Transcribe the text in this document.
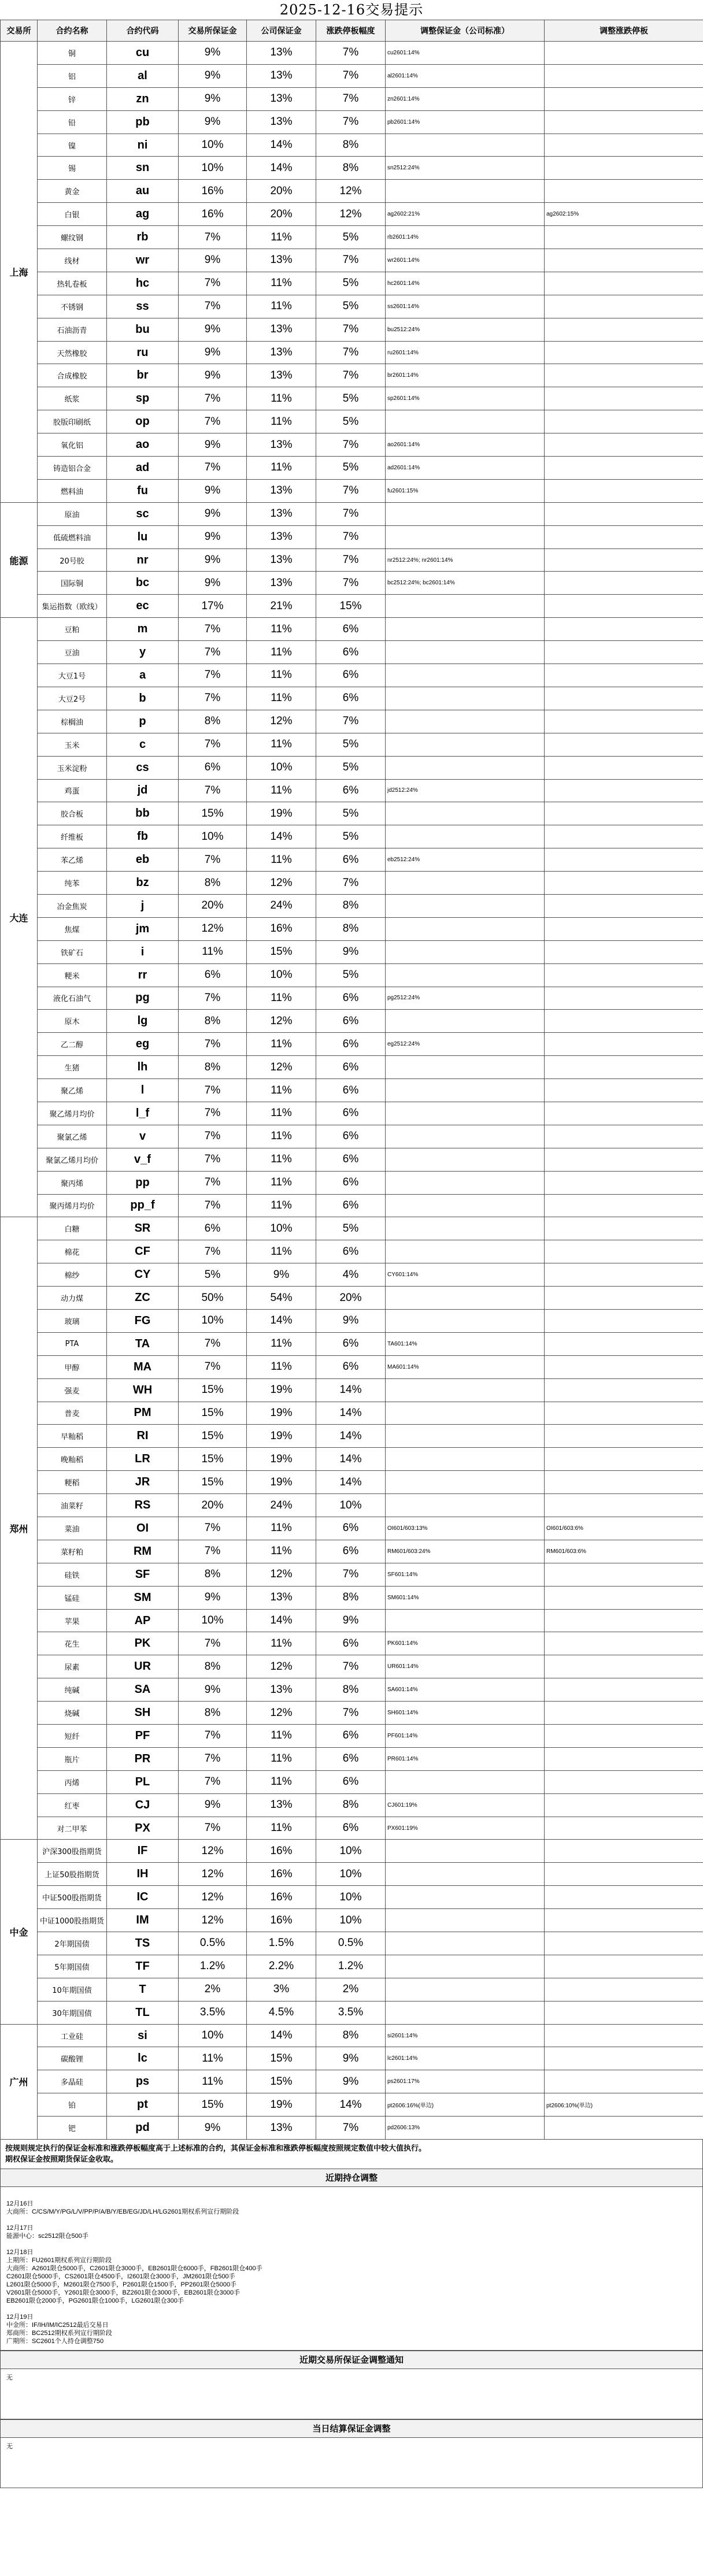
2025-12-16交易提示
交易所	合约名称	合约代码	交易所保证金	公司保证金	涨跌停板幅度	调整保证金（公司标准）	调整涨跌停板
上海	铜	cu	9%	13%	7%	cu2601:14%	
	铝	al	9%	13%	7%	al2601:14%	
	锌	zn	9%	13%	7%	zn2601:14%	
	铅	pb	9%	13%	7%	pb2601:14%	
	镍	ni	10%	14%	8%		
	锡	sn	10%	14%	8%	sn2512:24%	
	黄金	au	16%	20%	12%		
	白银	ag	16%	20%	12%	ag2602:21%	ag2602:15%
	螺纹钢	rb	7%	11%	5%	rb2601:14%	
	线材	wr	9%	13%	7%	wr2601:14%	
	热轧卷板	hc	7%	11%	5%	hc2601:14%	
	不锈钢	ss	7%	11%	5%	ss2601:14%	
	石油沥青	bu	9%	13%	7%	bu2512:24%	
	天然橡胶	ru	9%	13%	7%	ru2601:14%	
	合成橡胶	br	9%	13%	7%	br2601:14%	
	纸浆	sp	7%	11%	5%	sp2601:14%	
	胶版印刷纸	op	7%	11%	5%		
	氧化铝	ao	9%	13%	7%	ao2601:14%	
	铸造铝合金	ad	7%	11%	5%	ad2601:14%	
	燃料油	fu	9%	13%	7%	fu2601:15%	
能源	原油	sc	9%	13%	7%		
	低硫燃料油	lu	9%	13%	7%		
	20号胶	nr	9%	13%	7%	nr2512:24%; nr2601:14%	
	国际铜	bc	9%	13%	7%	bc2512:24%; bc2601:14%	
	集运指数（欧线）	ec	17%	21%	15%		
大连	豆粕	m	7%	11%	6%		
	豆油	y	7%	11%	6%		
	大豆1号	a	7%	11%	6%		
	大豆2号	b	7%	11%	6%		
	棕榈油	p	8%	12%	7%		
	玉米	c	7%	11%	5%		
	玉米淀粉	cs	6%	10%	5%		
	鸡蛋	jd	7%	11%	6%	jd2512:24%	
	胶合板	bb	15%	19%	5%		
	纤维板	fb	10%	14%	5%		
	苯乙烯	eb	7%	11%	6%	eb2512:24%	
	纯苯	bz	8%	12%	7%		
	冶金焦炭	j	20%	24%	8%		
	焦煤	jm	12%	16%	8%		
	铁矿石	i	11%	15%	9%		
	粳米	rr	6%	10%	5%		
	液化石油气	pg	7%	11%	6%	pg2512:24%	
	原木	lg	8%	12%	6%		
	乙二醇	eg	7%	11%	6%	eg2512:24%	
	生猪	lh	8%	12%	6%		
	聚乙烯	l	7%	11%	6%		
	聚乙烯月均价	l_f	7%	11%	6%		
	聚氯乙烯	v	7%	11%	6%		
	聚氯乙烯月均价	v_f	7%	11%	6%		
	聚丙烯	pp	7%	11%	6%		
	聚丙烯月均价	pp_f	7%	11%	6%		
郑州	白糖	SR	6%	10%	5%		
	棉花	CF	7%	11%	6%		
	棉纱	CY	5%	9%	4%	CY601:14%	
	动力煤	ZC	50%	54%	20%		
	玻璃	FG	10%	14%	9%		
	PTA	TA	7%	11%	6%	TA601:14%	
	甲醇	MA	7%	11%	6%	MA601:14%	
	强麦	WH	15%	19%	14%		
	普麦	PM	15%	19%	14%		
	早籼稻	RI	15%	19%	14%		
	晚籼稻	LR	15%	19%	14%		
	粳稻	JR	15%	19%	14%		
	油菜籽	RS	20%	24%	10%		
	菜油	OI	7%	11%	6%	OI601/603:13%	OI601/603:6%
	菜籽粕	RM	7%	11%	6%	RM601/603:24%	RM601/603:6%
	硅铁	SF	8%	12%	7%	SF601:14%	
	锰硅	SM	9%	13%	8%	SM601:14%	
	苹果	AP	10%	14%	9%		
	花生	PK	7%	11%	6%	PK601:14%	
	尿素	UR	8%	12%	7%	UR601:14%	
	纯碱	SA	9%	13%	8%	SA601:14%	
	烧碱	SH	8%	12%	7%	SH601:14%	
	短纤	PF	7%	11%	6%	PF601:14%	
	瓶片	PR	7%	11%	6%	PR601:14%	
	丙烯	PL	7%	11%	6%		
	红枣	CJ	9%	13%	8%	CJ601:19%	
	对二甲苯	PX	7%	11%	6%	PX601:19%	
中金	沪深300股指期货	IF	12%	16%	10%		
	上证50股指期货	IH	12%	16%	10%		
	中证500股指期货	IC	12%	16%	10%		
	中证1000股指期货	IM	12%	16%	10%		
	2年期国债	TS	0.5%	1.5%	0.5%		
	5年期国债	TF	1.2%	2.2%	1.2%		
	10年期国债	T	2%	3%	2%		
	30年期国债	TL	3.5%	4.5%	3.5%		
广州	工业硅	si	10%	14%	8%	si2601:14%	
	碳酸锂	lc	11%	15%	9%	lc2601:14%	
	多晶硅	ps	11%	15%	9%	ps2601:17%	
	铂	pt	15%	19%	14%	pt2606:16%(单边)	pt2606:10%(单边)
	钯	pd	9%	13%	7%	pd2606:13%	
按规则规定执行的保证金标准和涨跌停板幅度高于上述标准的合约，其保证金标准和涨跌停板幅度按照规定数值中较大值执行。
期权保证金按照期货保证金收取。
近期持仓调整

12月16日

大商所：C/CS/M/Y/PG/L/V/PP/P/A/B/Y/EB/EG/JD/LH/LG2601期权系列宣行期阶段

12月17日

能源中心：sc2512限仓500手

12月18日

上期所：FU2601期权系列宣行期阶段

大商所：A2601限仓5000手，C2601限仓3000手，EB2601限仓6000手，FB2601限仓400手

C2601限仓5000手，CS2601限仓4500手，I2601限仓3000手，JM2601限仓500手

L2601限仓5000手，M2601限仓7500手，P2601限仓1500手，PP2601限仓5000手

V2601限仓5000手，Y2601限仓3000手，BZ2601限仓3000手，EB2601限仓3000手

EB2601限仓2000手，PG2601限仓1000手，LG2601限仓300手

12月19日

中金所：IF/IH/IM/IC2512最后交易日

郑商所：BC2512期权系列宣行期阶段

广期所：SC2601个人持仓调整750

近期交易所保证金调整通知
无
当日结算保证金调整
无
